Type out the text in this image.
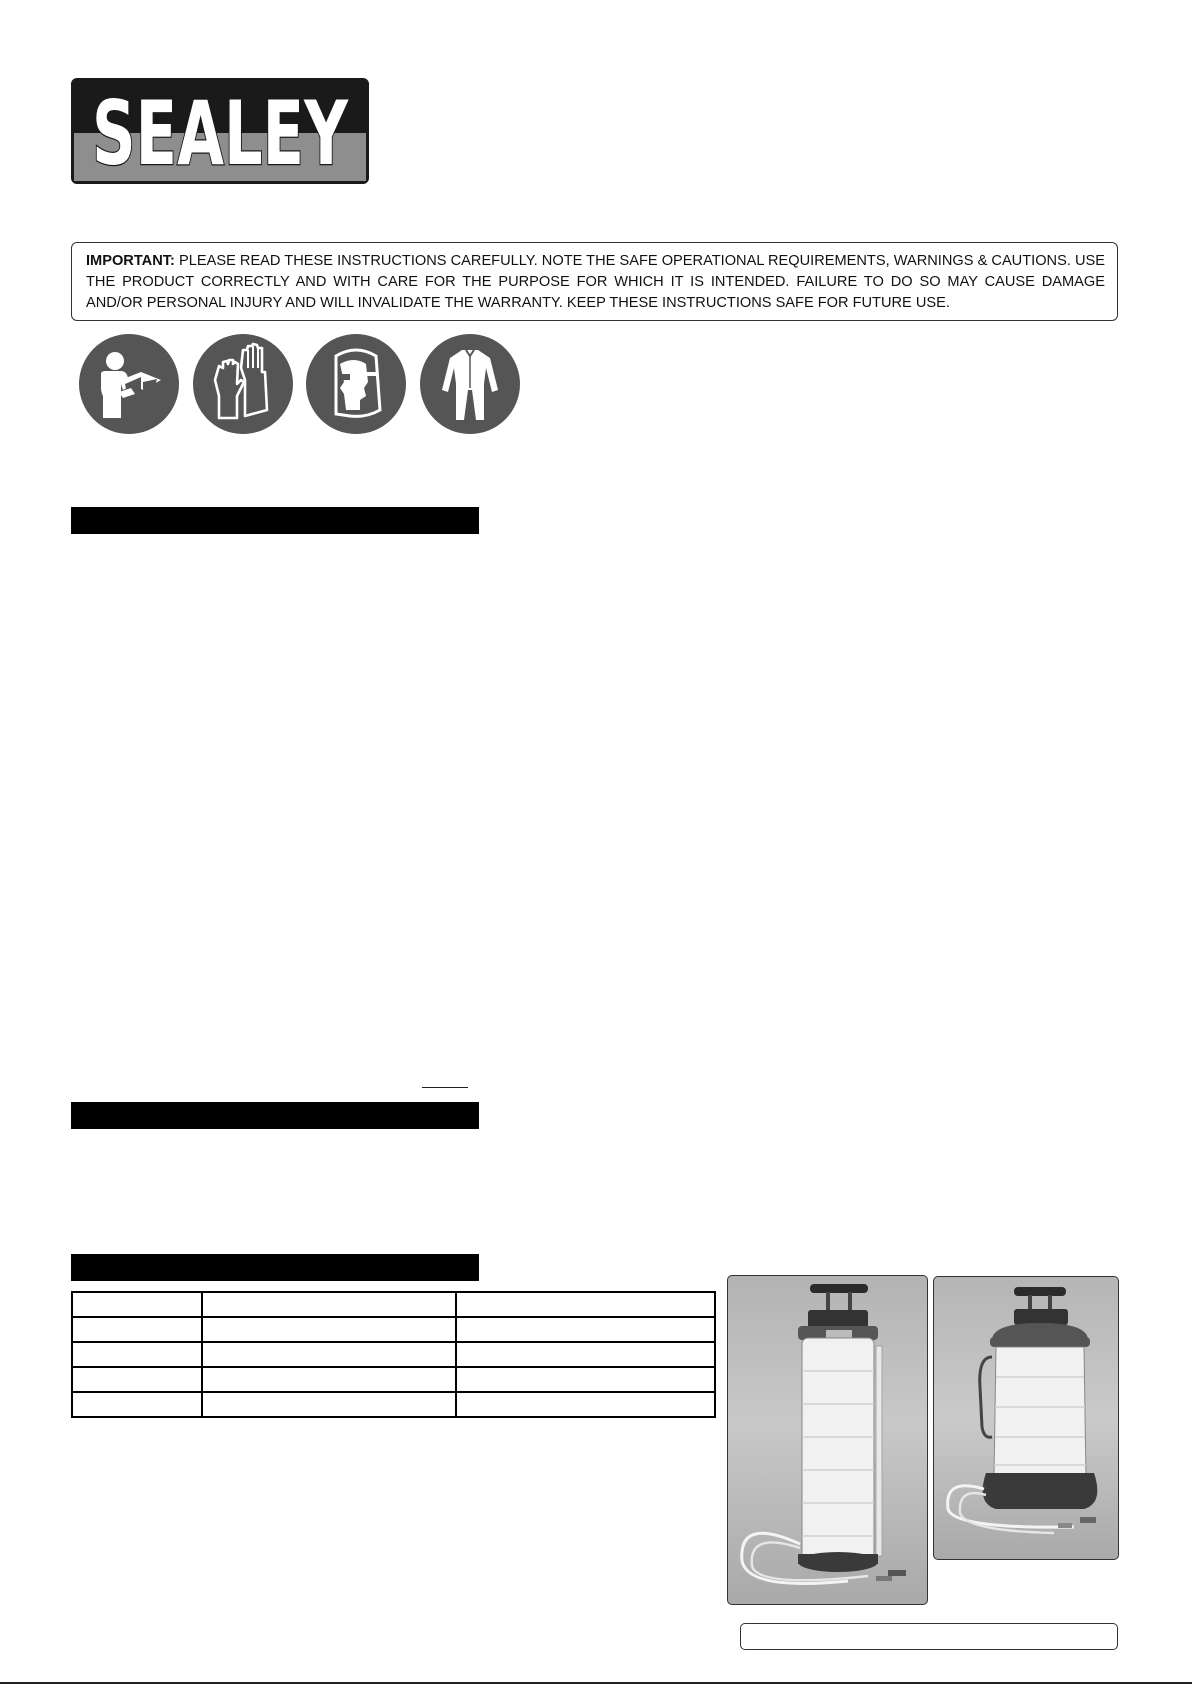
SEALEY
IMPORTANT: PLEASE READ THESE INSTRUCTIONS CAREFULLY. NOTE THE SAFE OPERATIONAL REQUIREMENTS, WARNINGS & CAUTIONS. USE THE PRODUCT CORRECTLY AND WITH CARE FOR THE PURPOSE FOR WHICH IT IS INTENDED. FAILURE TO DO SO MAY CAUSE DAMAGE AND/OR PERSONAL INJURY AND WILL INVALIDATE THE WARRANTY. KEEP THESE INSTRUCTIONS SAFE FOR FUTURE USE.
